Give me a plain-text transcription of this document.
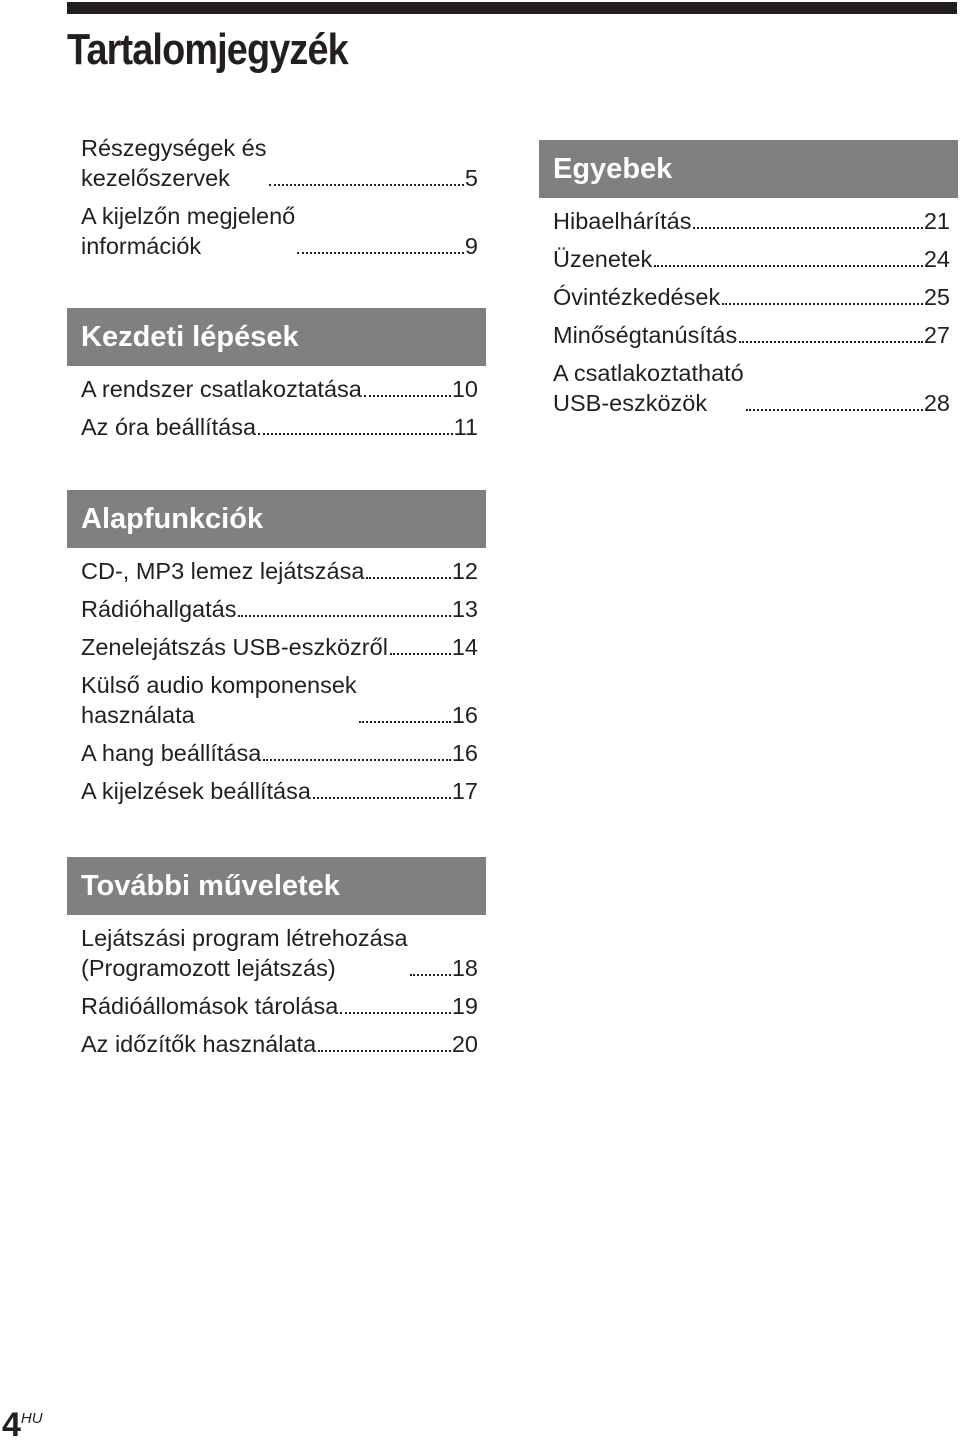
Tartalomjegyzék
Részegységek és
kezelőszervek	5
A kijelzőn megjelenő
információk	9
Kezdeti lépések
A rendszer csatlakoztatása	10
Az óra beállítása	11
Alapfunkciók
CD-, MP3 lemez lejátszása	12
Rádióhallgatás	13
Zenelejátszás USB-eszközről	14
Külső audio komponensek
használata	16
A hang beállítása	16
A kijelzések beállítása	17
További műveletek
Lejátszási program létrehozása
(Programozott lejátszás)	18
Rádióállomások tárolása	19
Az időzítők használata	20
Egyebek
Hibaelhárítás	21
Üzenetek	24
Óvintézkedések	25
Minőségtanúsítás	27
A csatlakoztatható
USB-eszközök	28
4HU
